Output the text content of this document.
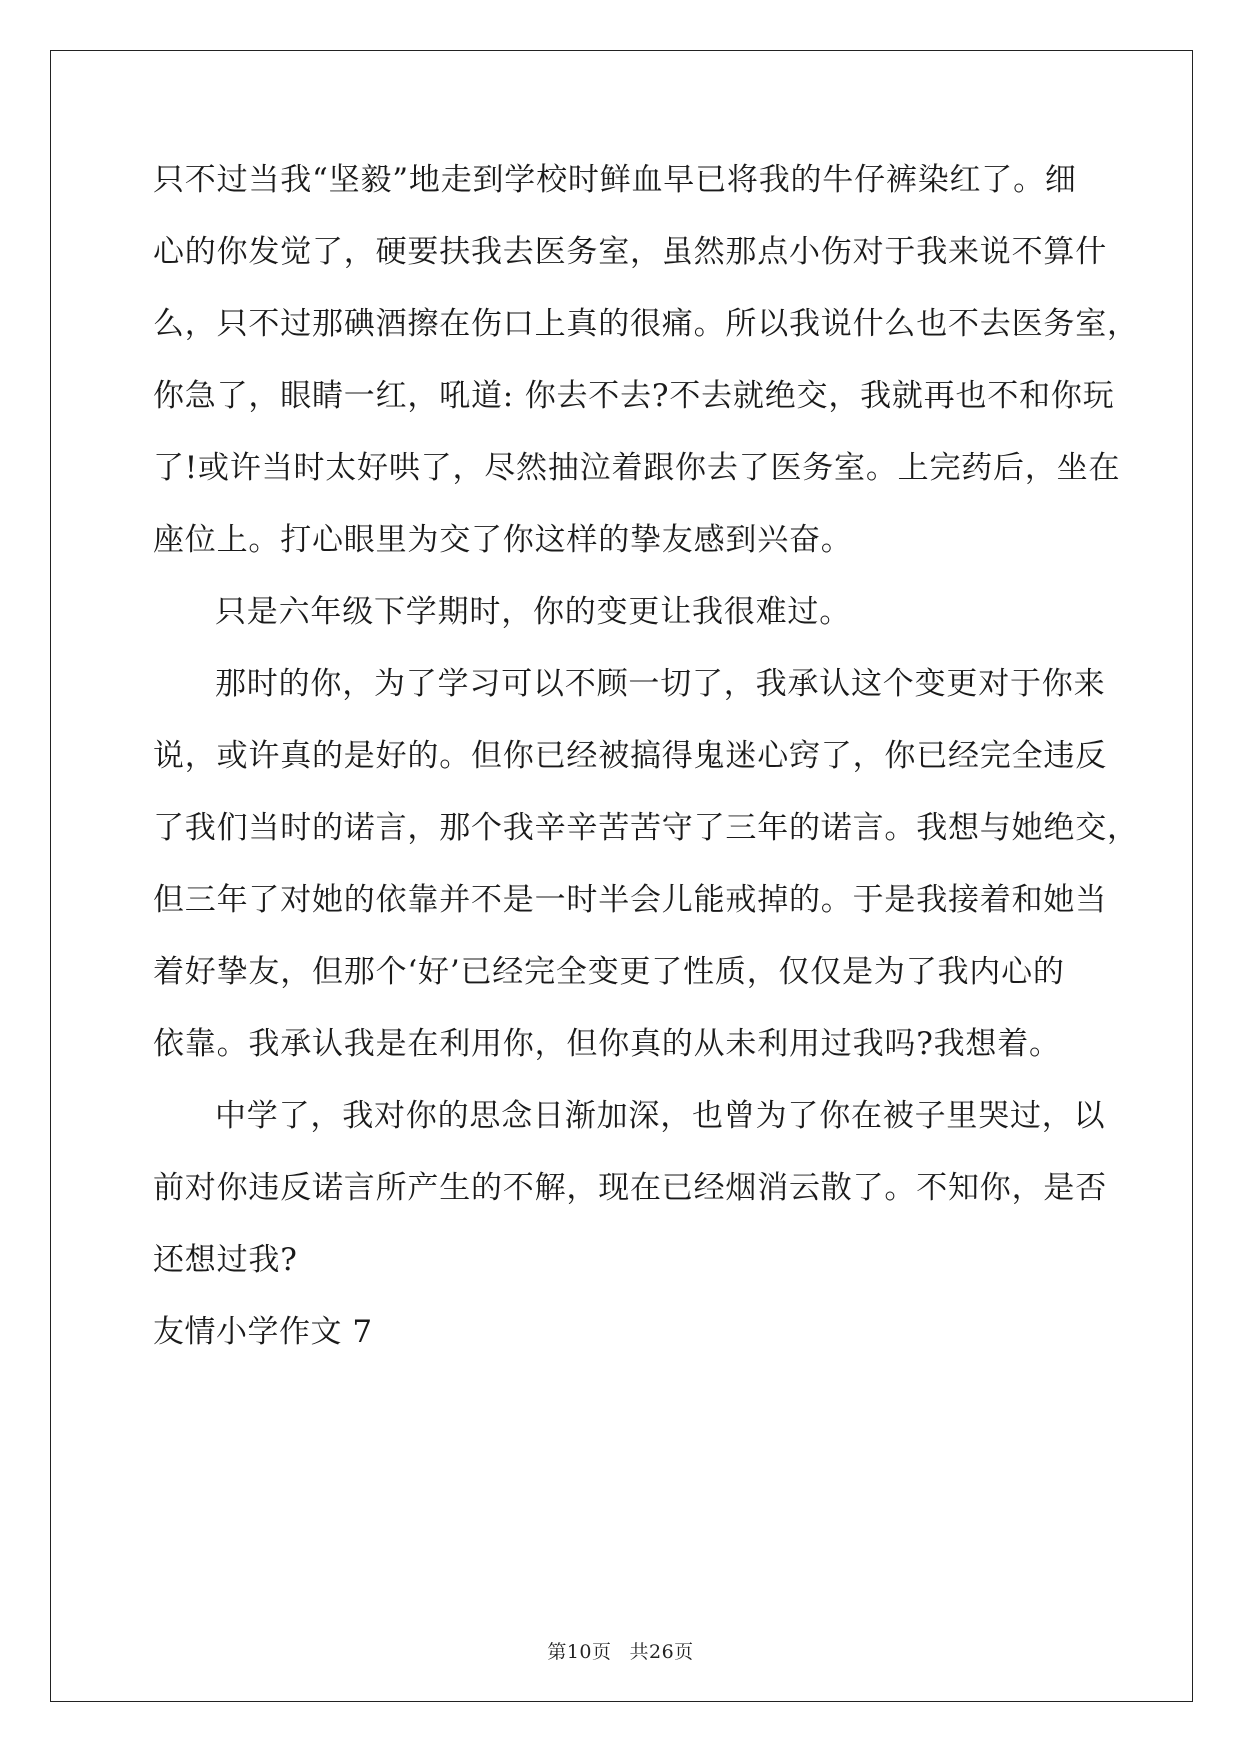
只不过当我“坚毅”地走到学校时鲜血早已将我的牛仔裤染红了。细
心的你发觉了，硬要扶我去医务室，虽然那点小伤对于我来说不算什
么，只不过那碘酒擦在伤口上真的很痛。所以我说什么也不去医务室，
你急了，眼睛一红，吼道: 你去不去?不去就绝交，我就再也不和你玩
了!或许当时太好哄了，尽然抽泣着跟你去了医务室。上完药后，坐在
座位上。打心眼里为交了你这样的挚友感到兴奋。
只是六年级下学期时，你的变更让我很难过。
那时的你，为了学习可以不顾一切了，我承认这个变更对于你来
说，或许真的是好的。但你已经被搞得鬼迷心窍了，你已经完全违反
了我们当时的诺言，那个我辛辛苦苦守了三年的诺言。我想与她绝交，
但三年了对她的依靠并不是一时半会儿能戒掉的。于是我接着和她当
着好挚友，但那个‘好’已经完全变更了性质，仅仅是为了我内心的
依靠。我承认我是在利用你，但你真的从未利用过我吗?我想着。
中学了，我对你的思念日渐加深，也曾为了你在被子里哭过，以
前对你违反诺言所产生的不解，现在已经烟消云散了。不知你，是否
还想过我?
友情小学作文 7
第10页 共26页
